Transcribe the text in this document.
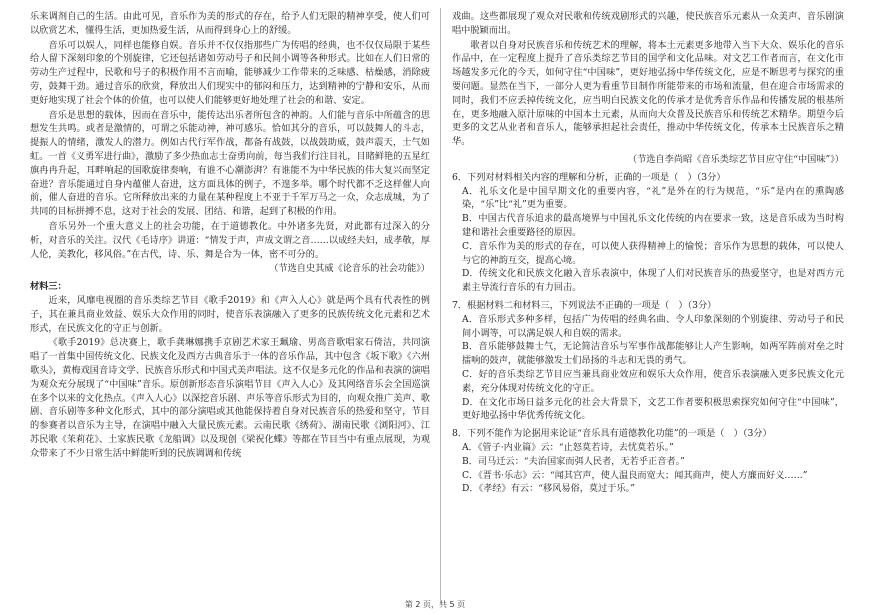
乐来调剂自己的生活。由此可见，音乐作为美的形式的存在，给予人们无限的精神享受，使人们可以欣赏艺术，懂得生活，更加热爱生活，从而得到身心上的舒缓。

音乐可以娱人，同样也能修自娱。音乐并不仅仅指那些广为传唱的经典，也不仅仅局限于某些给人留下深刻印象的个别旋律，它还包括诸如劳动号子和民间小调等各种形式。比如在人们日常的劳动生产过程中，民歌和号子的积极作用不言而喻，能够减少工作带来的乏味感、枯燥感，消除疲劳，鼓舞干劲。通过音乐的欣赏，释放出人们现实中的郁闷和压力，达到精神的宁静和安乐，从而更好地实现了社会个体的价值，也可以使人们能够更好地处理了社会的和谐、安定。

音乐是思想的载体，因而在音乐中，能传达出乐者所包含的神韵。人们能与音乐中所蕴含的思想发生共鸣。或者是激情的，可谓之乐能动神，神可感乐。恰如其分的音乐，可以鼓舞人的斗志，提振人的情绪，激发人的潜力。例如古代行军作战，都备有战鼓，以战鼓助威，鼓声震天，士气如虹。一首《义勇军进行曲》，激励了多少热血志士奋勇向前，每当我们行注目礼，目睹鲜艳的五星红旗冉冉升起，耳畔响起的国歌旋律奏响，有谁不心潮澎湃？有谁能不为中华民族的伟大复兴而坚定奋进？音乐能通过自身内蕴催人奋进，这方面具体的例子，不遑多举。哪个时代都不乏这样催人向前，催人奋进的音乐。它所释放出来的力量在某种程度上不亚于千军万马之一众，众志成城，为了共同的目标拼搏不息，这对于社会的发展、团结、和谐，起到了积极的作用。

音乐另外一个重大意义上的社会功能，在于道德教化。中外诸多先贤，对此都有过深入的分析，对音乐的关注。汉代《毛诗序》讲道：“情发于声，声成文谓之音……以成经夫妇，成孝敬，厚人伦，美教化，移风俗。”在古代，诗、乐、舞是合为一体，密不可分的。

（节选自史其威《论音乐的社会功能》）

材料三：

近来，风靡电视圈的音乐类综艺节目《歌手2019》和《声入人心》就是两个具有代表性的例子，其在兼具商业效益、娱乐大众作用的同时，使音乐表演融入了更多的民族传统文化元素和艺术形式，在民族文化的守正与创新。

《歌手2019》总决赛上，歌手龚琳娜携手京剧艺术家王珮瑜、男高音歌唱家石倚洁，共同演唱了一首集中国传统文化、民族文化及西方古典音乐于一体的音乐作品，其中包含《坂下歌》《六州歌头》，黄梅戏国音诗文学、民族音乐形式和中国式美声唱法。这不仅是多元化的作品和表演的演唱为观众充分展现了“中国味”音乐。原创新形态音乐演唱节目《声入人心》及其网络音乐会全国巡演在多个以来的文化热点。《声入人心》以深挖音乐剧、声乐等音乐形式为目的，向观众推广美声、歌剧、音乐剧等多种文化形式，其中的部分演唱或其他能保持着自身对民族音乐的热爱和坚守，节目的参赛者以音乐为主导，在演唱中融入大量民族元素。云南民歌《绣荷》、湖南民歌《浏阳河》、江苏民歌《茉莉花》、土家族民歌《龙船调》以及现创《梁祝化蝶》等都在节目当中有重点展现，为观众带来了不少日常生活中鲜能听到的民族调调和传统

戏曲。这些都展现了观众对民歌和传统戏剧形式的兴趣，使民族音乐元素从一众美声、音乐剧演唱中脱颖而出。

歌者以自身对民族音乐和传统艺术的理解，将本土元素更多地带入当下大众、娱乐化的音乐作品中，在一定程度上提升了音乐类综艺节目的国学和文化品味。对文艺工作者而言，在文化市场越发多元化的今天，如何守住“中国味”，更好地弘扬中华传统文化，应是不断思考与探究的重要问题。显然在当下，一部分人更为看重节目制作所能带来的市场和流量，但在迎合市场需求的同时，我们不应丢掉传统文化，应当明白民族文化的传承才是优秀音乐作品和传播发展的根基所在，更多地融入原汁原味的中国本土元素，从而向大众普及民族音乐和传统艺术精华。期望今后更多的文艺从业者和音乐人，能够承担起社会责任，推动中华传统文化，传承本土民族音乐之精华。

（节选自李尚昭《音乐类综艺节目应守住“中国味”》）

6．下列对材料相关内容的理解和分析，正确的一项是（　）（3分）

A．礼乐文化是中国早期文化的重要内容，“礼”是外在的行为规范，“乐”是内在的熏陶感染，“乐”比“礼”更为重要。

B．中国古代音乐追求的最高境界与中国礼乐文化传统的内在要求一致，这是音乐成为当时构建和谐社会重要路径的原因。

C．音乐作为美的形式的存在，可以使人获得精神上的愉悦；音乐作为思想的载体，可以使人与它的神韵互交，提高心境。

D．传统文化和民族文化融入音乐表演中，体现了人们对民族音乐的热爱坚守，也是对西方元素主导流行音乐的有力回击。

7．根据材料二和材料三，下列说法不正确的一项是（　）（3分）

A．音乐形式多种多样，包括广为传唱的经典名曲、令人印象深刻的个别旋律、劳动号子和民间小调等，可以满足娱人和自娱的需求。

B．音乐能够鼓舞士气，无论简洁音乐与军事作战都能够让人产生影响，如两军阵前对垒之时擂响的鼓声，就能够激发士们昂扬的斗志和无畏的勇气。

C．好的音乐类综艺节目应当兼具商业效应和娱乐大众作用，使音乐表演融入更多民族文化元素，充分体现对传统文化的守正。

D．在文化市场日益多元化的社会大背景下，文艺工作者要积极思索探究如何守住“中国味”，更好地弘扬中华优秀传统文化。

8．下列不能作为论据用来论证“音乐具有道德教化功能”的一项是（　）（3分）

A．《管子·内业篇》云：“止怒莫若诗，去忧莫若乐。”

B．司马迁云：“夫治国家而弭人民者，无若乎正音者。”

C．《晋书·乐志》云：“闻其宫声，使人温良而宽大；闻其商声，使人方廉而好义……”

D．《孝经》有云：“移风易俗，莫过于乐。”

第 2 页，共 5 页
